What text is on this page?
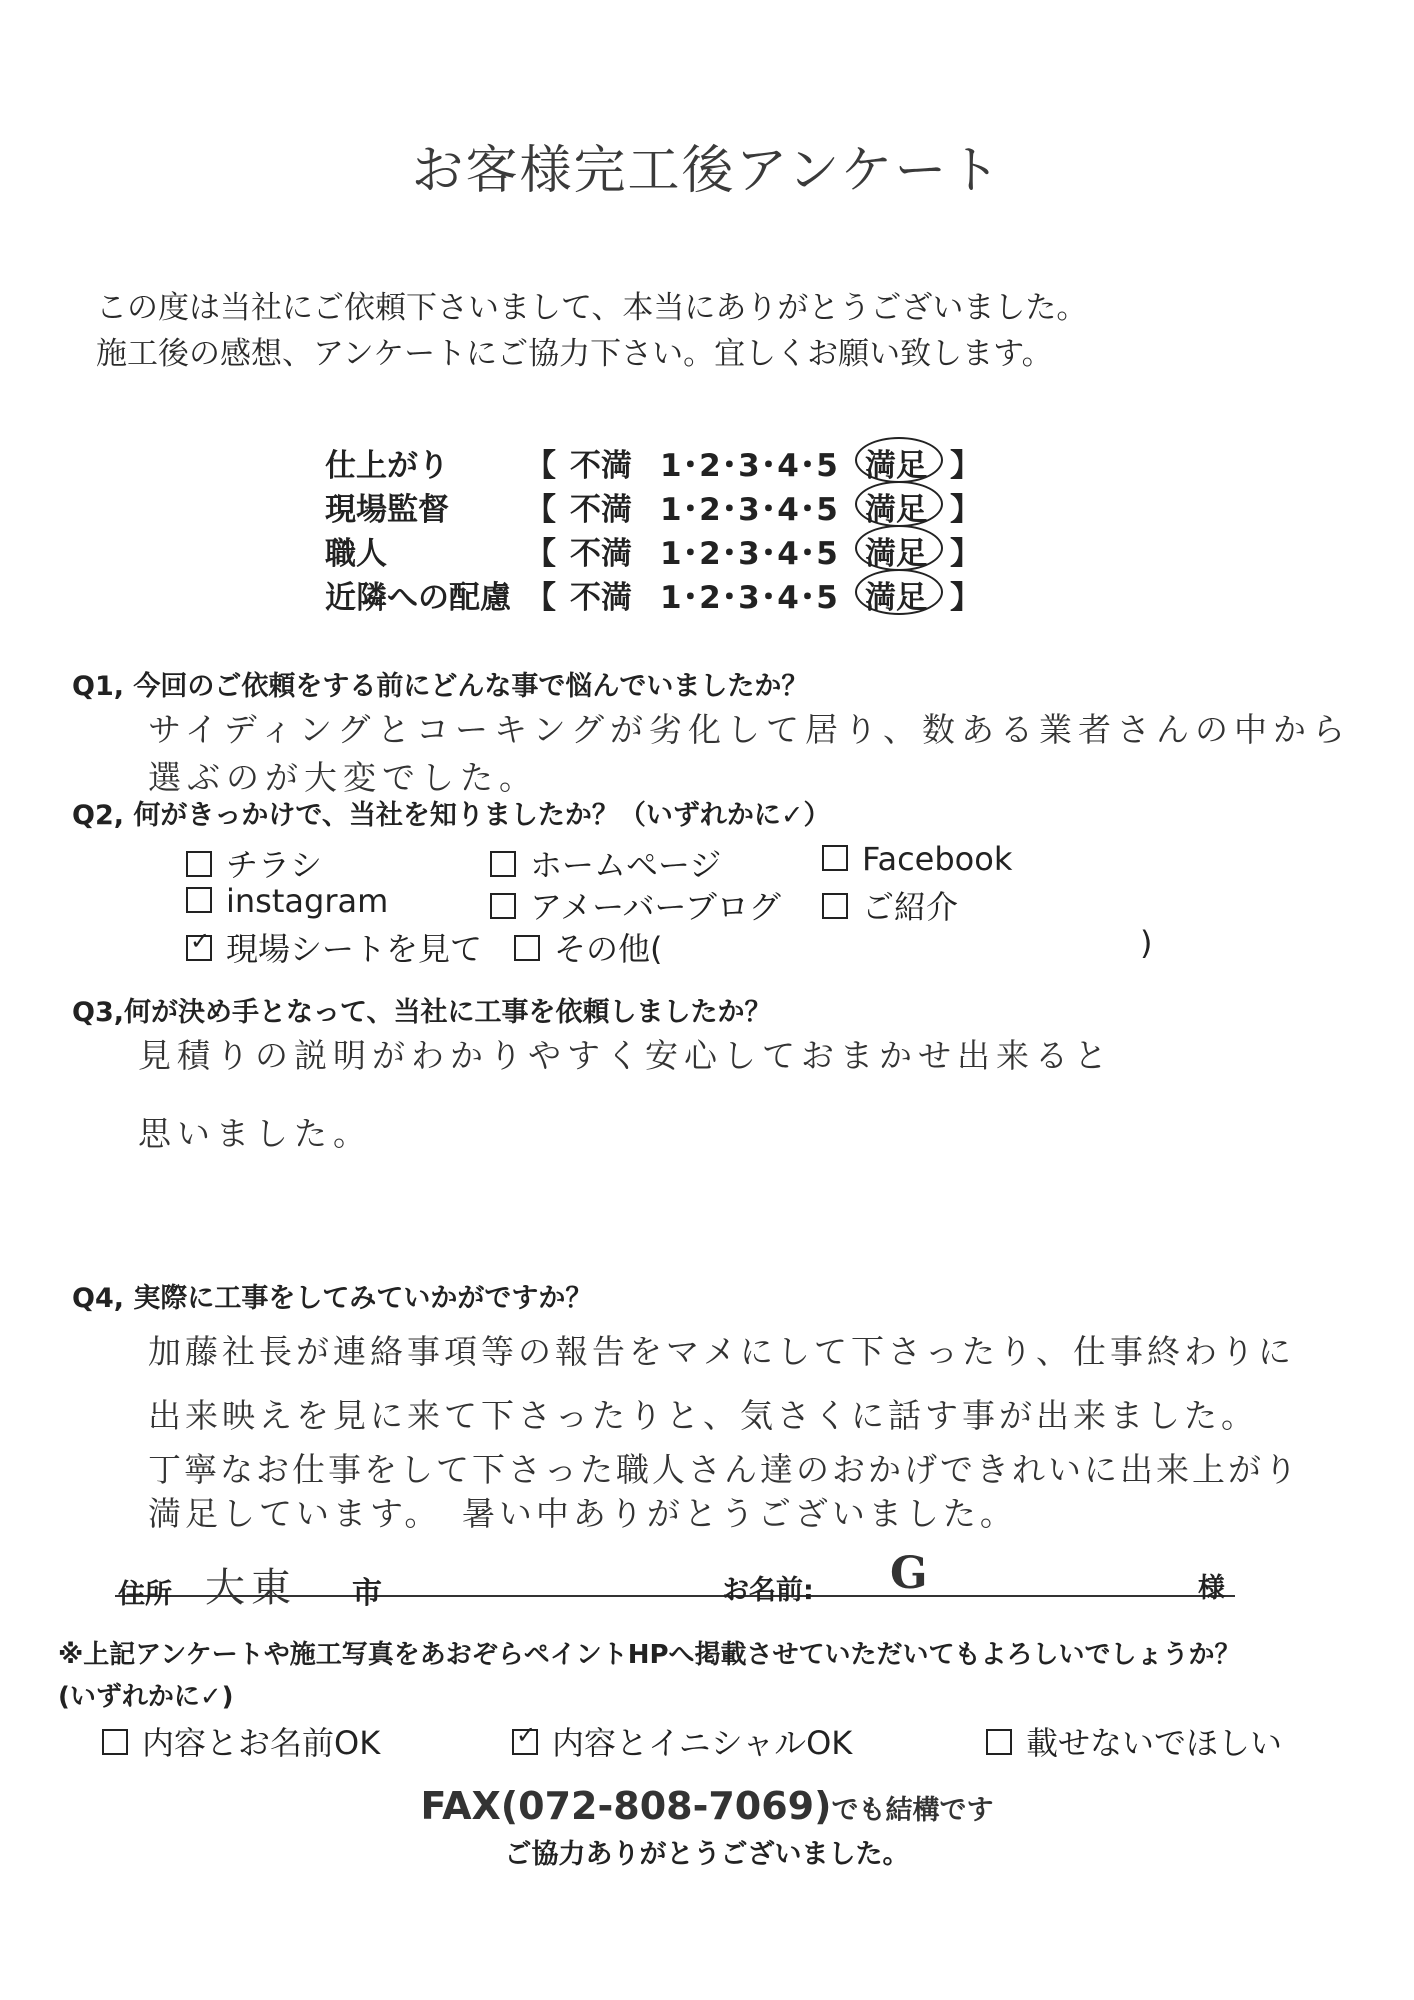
お客様完工後アンケート
この度は当社にご依頼下さいまして、本当にありがとうございました。
施工後の感想、アンケートにご協力下さい。宜しくお願い致します。
仕上がり 【 不満 1･2･3･4･5 満足 】
現場監督 【 不満 1･2･3･4･5 満足 】
職人	【 不満 1･2･3･4･5 満足 】
近隣への配慮 【 不満 1･2･3･4･5 満足 】
Q1, 今回のご依頼をする前にどんな事で悩んでいましたか？
サイディングとコーキングが劣化して居り、数ある業者さんの中から
選ぶのが大変でした。
Q2, 何がきっかけで、当社を知りましたか？（いずれかに✓）
チラシ	ホームページ	Facebook
instagram	アメーバーブログ	ご紹介
✓現場シートを見て	その他(	)
Q3,何が決め手となって、当社に工事を依頼しましたか？
見積りの説明がわかりやすく安心しておまかせ出来ると
思いました。
Q4, 実際に工事をしてみていかがですか？
加藤社長が連絡事項等の報告をマメにして下さったり、仕事終わりに
出来映えを見に来て下さったりと、気さくに話す事が出来ました。
丁寧なお仕事をして下さった職人さん達のおかげできれいに出来上がり
満足しています。　暑い中ありがとうございました。
住所 大東 市	お名前: G	様
※上記アンケートや施工写真をあおぞらペイントHPへ掲載させていただいてもよろしいでしょうか？
(いずれかに✓)
内容とお名前OK
✓	内容とイニシャルOK	載せないでほしい
FAX(072-808-7069)でも結構です
ご協力ありがとうございました。
